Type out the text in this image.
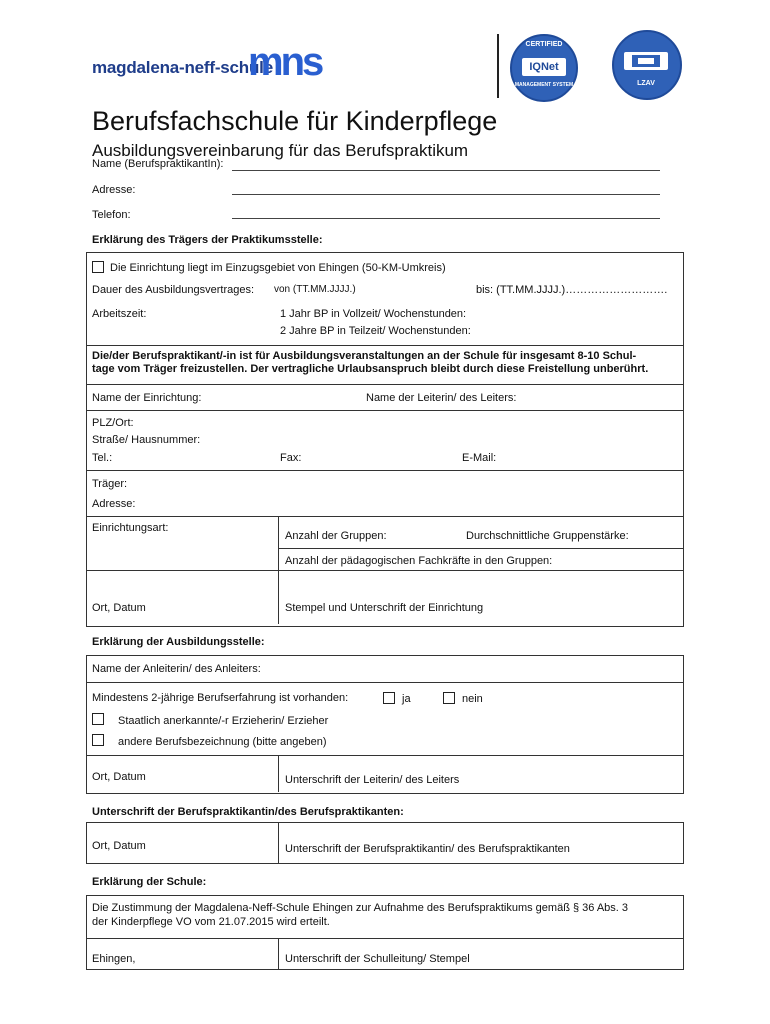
magdalena-neff-schule
mns	CERTIFIED
IQNet
MANAGEMENT SYSTEM	LZAV
Berufsfachschule für Kinderpflege
Ausbildungsvereinbarung für das Berufspraktikum
Name (BerufspraktikantIn):
Adresse:
Telefon:
Erklärung des Trägers der Praktikumsstelle:
Die Einrichtung liegt im Einzugsgebiet von Ehingen (50-KM-Umkreis)
Dauer des Ausbildungsvertrages: von (TT.MM.JJJJ.)	bis: (TT.MM.JJJJ.)……………………….
Arbeitszeit:	1 Jahr BP in Vollzeit/ Wochenstunden:
2 Jahre BP in Teilzeit/ Wochenstunden:
Die/der Berufspraktikant/-in ist für Ausbildungsveranstaltungen an der Schule für insgesamt 8-10 Schul-
tage vom Träger freizustellen. Der vertragliche Urlaubsanspruch bleibt durch diese Freistellung unberührt.
Name der Einrichtung:	Name der Leiterin/ des Leiters:
PLZ/Ort:
Straße/ Hausnummer:
Tel.:	Fax:	E-Mail:
Träger:
Adresse:
Einrichtungsart:
Anzahl der Gruppen:	Durchschnittliche Gruppenstärke:
Anzahl der pädagogischen Fachkräfte in den Gruppen:
Ort, Datum	Stempel und Unterschrift der Einrichtung
Erklärung der Ausbildungsstelle:
Name der Anleiterin/ des Anleiters:
Mindestens 2-jährige Berufserfahrung ist vorhanden:	ja	nein
Staatlich anerkannte/-r Erzieherin/ Erzieher
andere Berufsbezeichnung (bitte angeben)
Ort, Datum	Unterschrift der Leiterin/ des Leiters
Unterschrift der Berufspraktikantin/des Berufspraktikanten:
Ort, Datum	Unterschrift der Berufspraktikantin/ des Berufspraktikanten
Erklärung der Schule:
Die Zustimmung der Magdalena-Neff-Schule Ehingen zur Aufnahme des Berufspraktikums gemäß § 36 Abs. 3
der Kinderpflege VO vom 21.07.2015 wird erteilt.
Ehingen,	Unterschrift der Schulleitung/ Stempel
